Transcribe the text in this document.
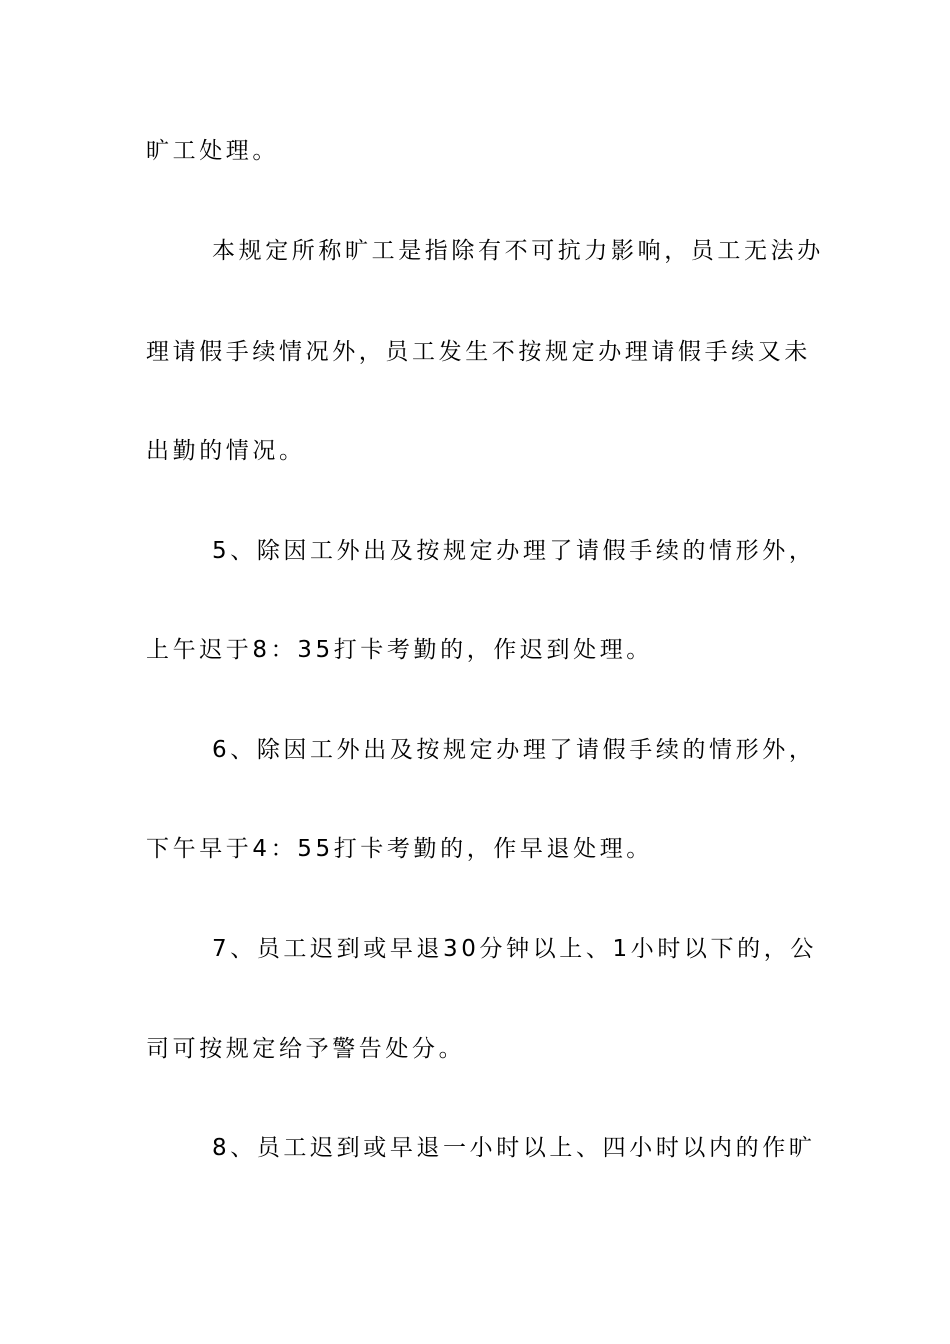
旷工处理。
本规定所称旷工是指除有不可抗力影响，员工无法办
理请假手续情况外，员工发生不按规定办理请假手续又未
出勤的情况。
5、除因工外出及按规定办理了请假手续的情形外，
上午迟于8：35打卡考勤的，作迟到处理。
6、除因工外出及按规定办理了请假手续的情形外，
下午早于4：55打卡考勤的，作早退处理。
7、员工迟到或早退30分钟以上、1小时以下的，公
司可按规定给予警告处分。
8、员工迟到或早退一小时以上、四小时以内的作旷
